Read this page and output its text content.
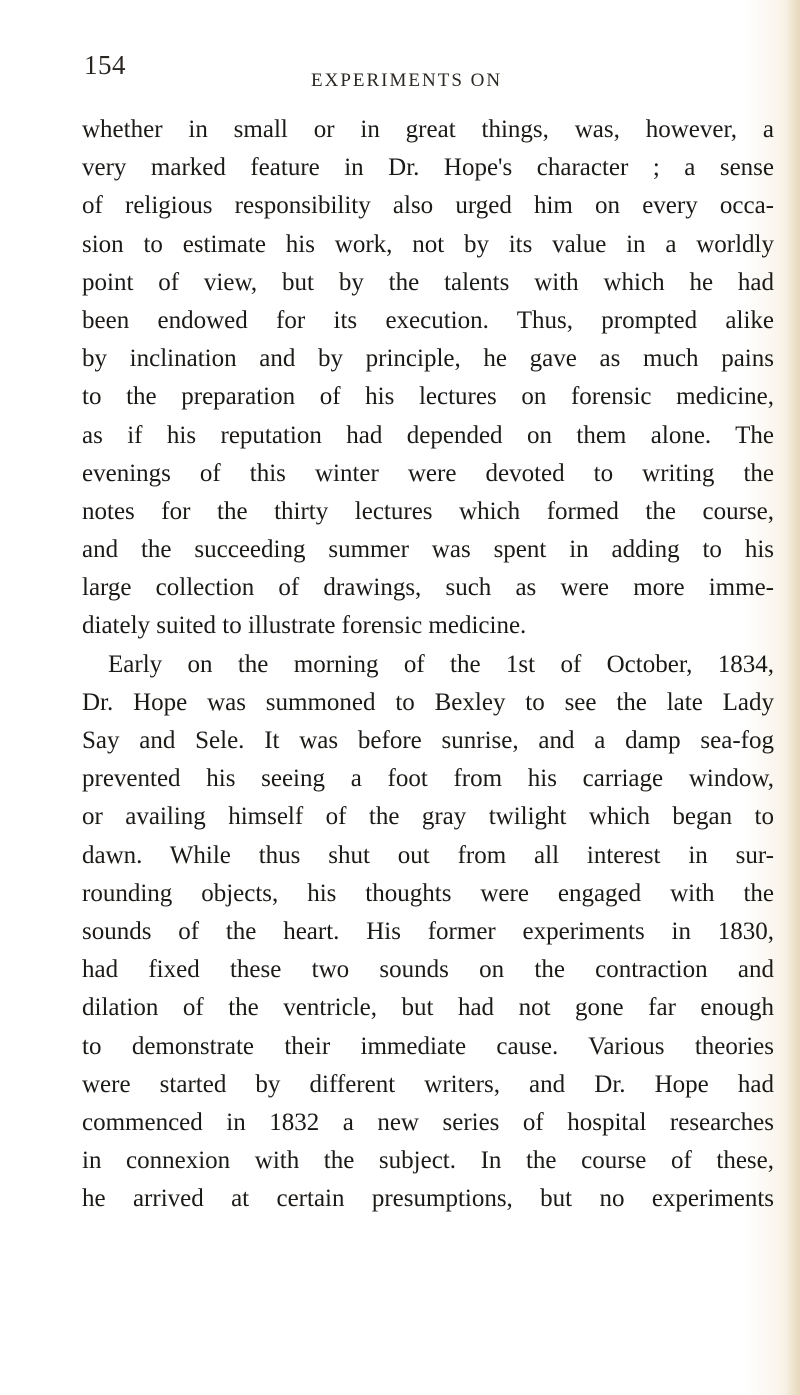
154
EXPERIMENTS ON
whether in small or in great things, was, however, a
very marked feature in Dr. Hope's character ; a sense
of religious responsibility also urged him on every occa-
sion to estimate his work, not by its value in a worldly
point of view, but by the talents with which he had
been endowed for its execution. Thus, prompted alike
by inclination and by principle, he gave as much pains
to the preparation of his lectures on forensic medicine,
as if his reputation had depended on them alone. The
evenings of this winter were devoted to writing the
notes for the thirty lectures which formed the course,
and the succeeding summer was spent in adding to his
large collection of drawings, such as were more imme-
diately suited to illustrate forensic medicine.
Early on the morning of the 1st of October, 1834,
Dr. Hope was summoned to Bexley to see the late Lady
Say and Sele. It was before sunrise, and a damp sea-fog
prevented his seeing a foot from his carriage window,
or availing himself of the gray twilight which began to
dawn. While thus shut out from all interest in sur-
rounding objects, his thoughts were engaged with the
sounds of the heart. His former experiments in 1830,
had fixed these two sounds on the contraction and
dilation of the ventricle, but had not gone far enough
to demonstrate their immediate cause. Various theories
were started by different writers, and Dr. Hope had
commenced in 1832 a new series of hospital researches
in connexion with the subject. In the course of these,
he arrived at certain presumptions, but no experiments
